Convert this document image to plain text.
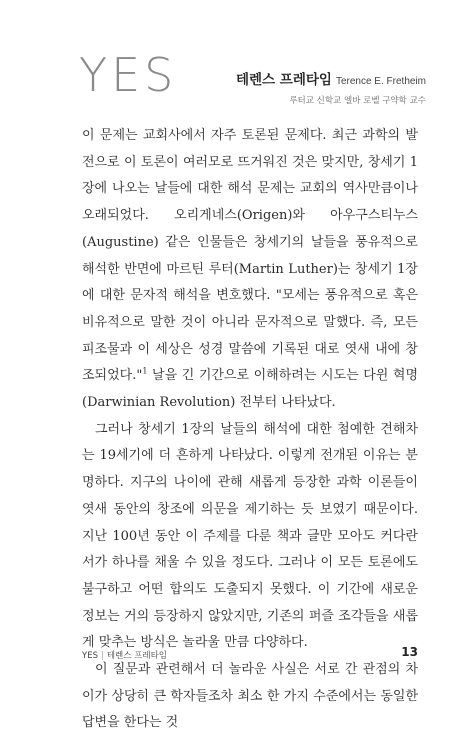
YES	테렌스 프레타임 Terence E. Fretheim
루터교 신학교 엘바 로벨 구약학 교수

이 문제는 교회사에서 자주 토론된 문제다. 최근 과학의 발전으로 이 토론이 여러모로 뜨거워진 것은 맞지만, 창세기 1장에 나오는 날들에 대한 해석 문제는 교회의 역사만큼이나 오래되었다. 오리게네스(Origen)와 아우구스티누스(Augustine) 같은 인물들은 창세기의 날들을 풍유적으로 해석한 반면에 마르틴 루터(Martin Luther)는 창세기 1장에 대한 문자적 해석을 변호했다. "모세는 풍유적으로 혹은 비유적으로 말한 것이 아니라 문자적으로 말했다. 즉, 모든 피조물과 이 세상은 성경 말씀에 기록된 대로 엿새 내에 창조되었다."$^1$ 날을 긴 기간으로 이해하려는 시도는 다윈 혁명(Darwinian Revolution) 전부터 나타났다.

그러나 창세기 1장의 날들의 해석에 대한 첨예한 견해차는 19세기에 더 흔하게 나타났다. 이렇게 전개된 이유는 분명하다. 지구의 나이에 관해 새롭게 등장한 과학 이론들이 엿새 동안의 창조에 의문을 제기하는 듯 보였기 때문이다. 지난 100년 동안 이 주제를 다룬 책과 글만 모아도 커다란 서가 하나를 채울 수 있을 정도다. 그러나 이 모든 토론에도 불구하고 어떤 합의도 도출되지 못했다. 이 기간에 새로운 정보는 거의 등장하지 않았지만, 기존의 퍼즐 조각들을 새롭게 맞추는 방식은 놀라울 만큼 다양하다.

이 질문과 관련해서 더 놀라운 사실은 서로 간 관점의 차이가 상당히 큰 학자들조차 최소 한 가지 수준에서는 동일한 답변을 한다는 것

YES | 테렌스 프레타임	13
